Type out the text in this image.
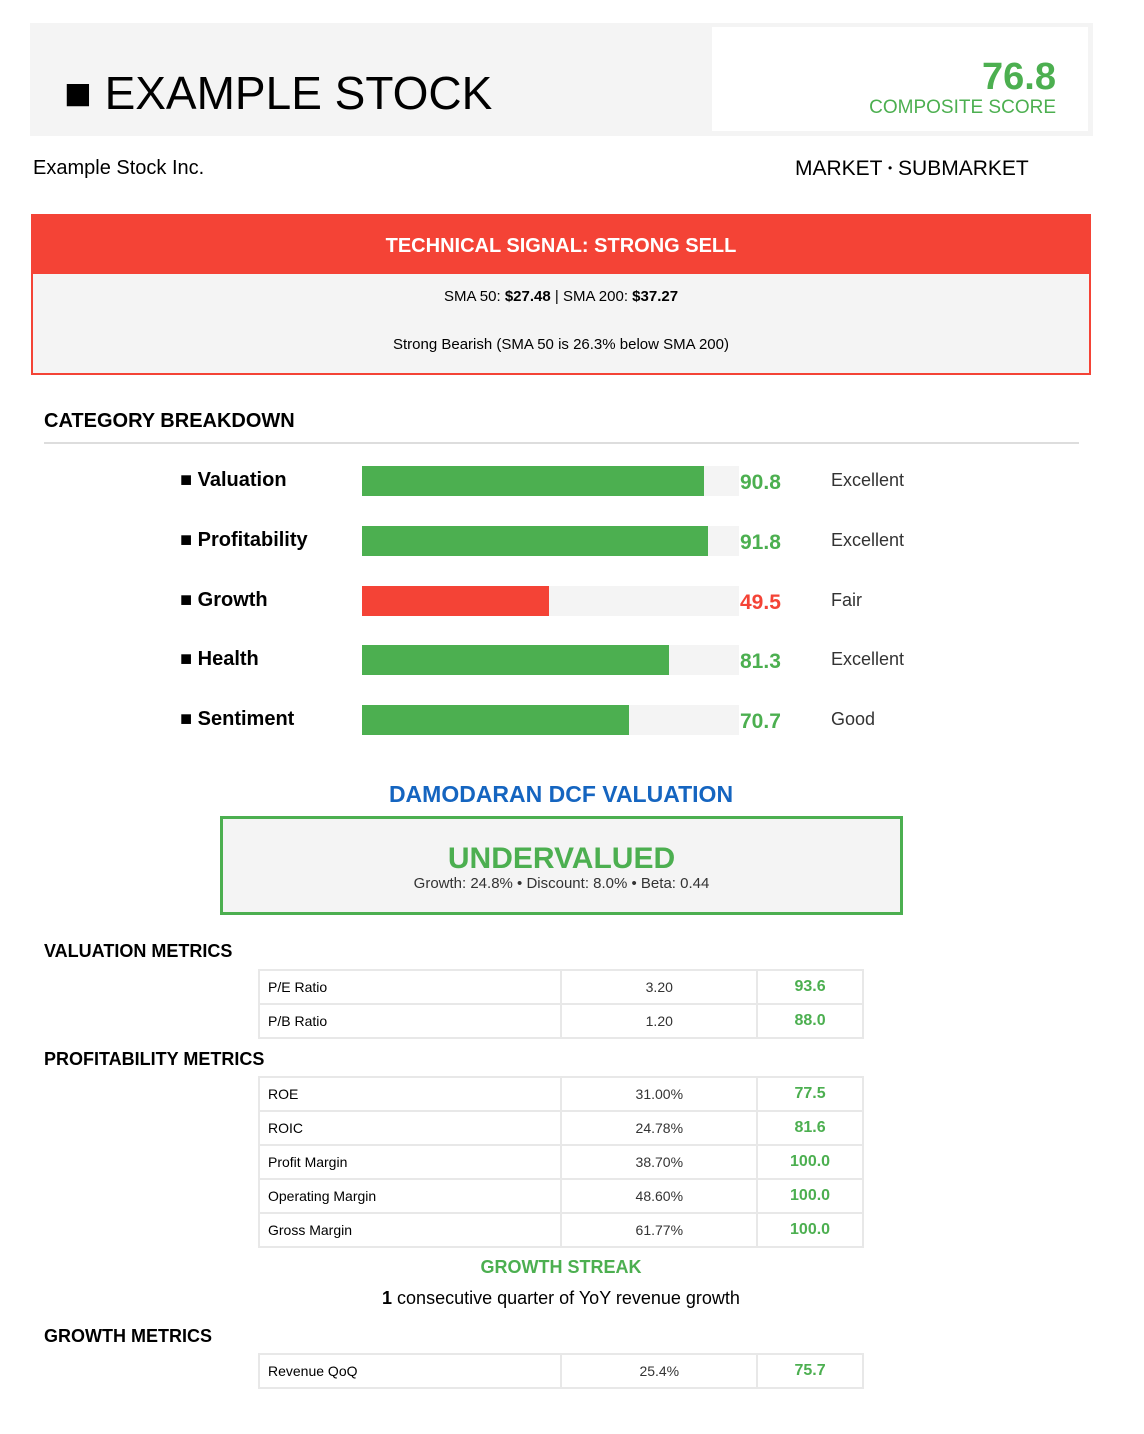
■ EXAMPLE STOCK	76.8
COMPOSITE SCORE
Example Stock Inc.	MARKET • SUBMARKET
TECHNICAL SIGNAL: STRONG SELL
SMA 50: $27.48 | SMA 200: $37.27
Strong Bearish (SMA 50 is 26.3% below SMA 200)
CATEGORY BREAKDOWN
■ Valuation	90.8	Excellent
■ Profitability	91.8	Excellent
■ Growth	49.5	Fair
■ Health	81.3	Excellent
■ Sentiment	70.7	Good
DAMODARAN DCF VALUATION
UNDERVALUED
Growth: 24.8% • Discount: 8.0% • Beta: 0.44
VALUATION METRICS
P/E Ratio	3.20	93.6
P/B Ratio	1.20	88.0
PROFITABILITY METRICS
ROE	31.00%	77.5
ROIC	24.78%	81.6
Profit Margin	38.70%	100.0
Operating Margin	48.60%	100.0
Gross Margin	61.77%	100.0
GROWTH STREAK
1 consecutive quarter of YoY revenue growth
GROWTH METRICS
Revenue QoQ	25.4%	75.7
